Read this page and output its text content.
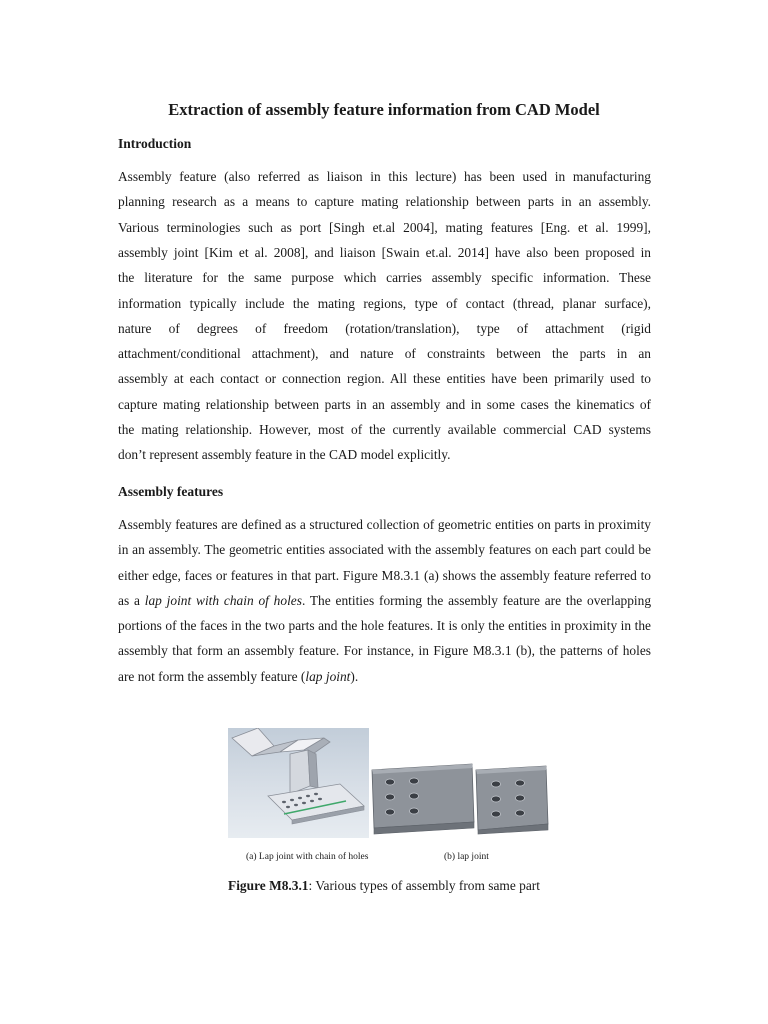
Extraction of assembly feature information from CAD Model
Introduction
Assembly features

Assembly features are defined as a structured collection of geometric entities on parts in proximity in an assembly. The geometric entities associated with the assembly features on each part could be either edge, faces or features in that part. Figure M8.3.1 (a) shows the assembly feature referred to as a lap joint with chain of holes. The entities forming the assembly feature are the overlapping portions of the faces in the two parts and the hole features. It is only the entities in proximity in the assembly that form an assembly feature. For instance, in Figure M8.3.1 (b), the patterns of holes are not form the assembly feature (lap joint).

(a) Lap joint with chain of holes	(b) lap joint

Figure M8.3.1: Various types of assembly from same part

Assembly feature (also referred as liaison in this lecture) has been used in manufacturing
planning research as a means to capture mating relationship between parts in an assembly.
Various terminologies such as port [Singh et.al 2004], mating features [Eng. et al. 1999],
assembly joint [Kim et al. 2008], and liaison [Swain et.al. 2014] have also been proposed in
the literature for the same purpose which carries assembly specific information. These
information typically include the mating regions, type of contact (thread, planar surface),
nature of degrees of freedom (rotation/translation), type of attachment (rigid
attachment/conditional attachment), and nature of constraints between the parts in an
assembly at each contact or connection region. All these entities have been primarily used to
capture mating relationship between parts in an assembly and in some cases the kinematics of
the mating relationship. However, most of the currently available commercial CAD systems
don’t represent assembly feature in the CAD model explicitly.
